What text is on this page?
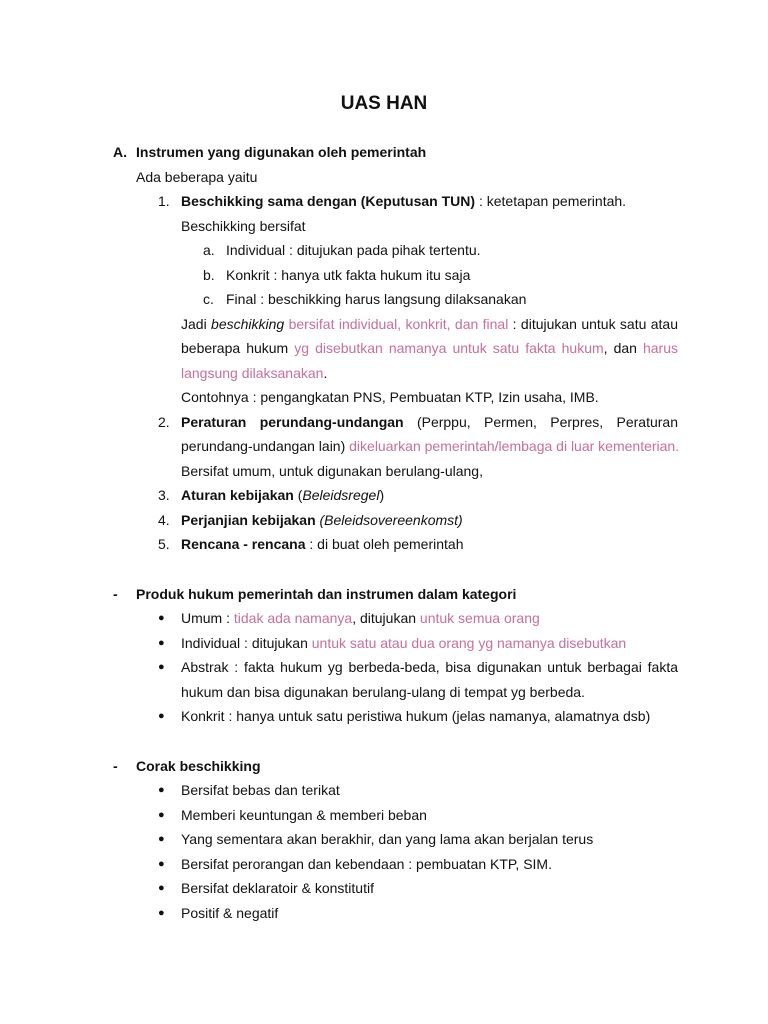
UAS HAN
A. Instrumen yang digunakan oleh pemerintah
Ada beberapa yaitu
1. Beschikking sama dengan (Keputusan TUN) : ketetapan pemerintah.
Beschikking bersifat
a. Individual : ditujukan pada pihak tertentu.
b. Konkrit : hanya utk fakta hukum itu saja
c. Final : beschikking harus langsung dilaksanakan
Jadi beschikking bersifat individual, konkrit, dan final : ditujukan untuk satu atau
beberapa hukum yg disebutkan namanya untuk satu fakta hukum, dan harus
langsung dilaksanakan.
Contohnya : pengangkatan PNS, Pembuatan KTP, Izin usaha, IMB.
2. Peraturan perundang-undangan (Perppu, Permen, Perpres, Peraturan
perundang-undangan lain) dikeluarkan pemerintah/lembaga di luar kementerian.
Bersifat umum, untuk digunakan berulang-ulang,
3. Aturan kebijakan (Beleidsregel)
4. Perjanjian kebijakan (Beleidsovereenkomst)
5. Rencana - rencana : di buat oleh pemerintah
- Produk hukum pemerintah dan instrumen dalam kategori
● Umum : tidak ada namanya, ditujukan untuk semua orang
● Individual : ditujukan untuk satu atau dua orang yg namanya disebutkan
● Abstrak : fakta hukum yg berbeda-beda, bisa digunakan untuk berbagai fakta
hukum dan bisa digunakan berulang-ulang di tempat yg berbeda.
● Konkrit : hanya untuk satu peristiwa hukum (jelas namanya, alamatnya dsb)
- Corak beschikking
● Bersifat bebas dan terikat
● Memberi keuntungan & memberi beban
● Yang sementara akan berakhir, dan yang lama akan berjalan terus
● Bersifat perorangan dan kebendaan : pembuatan KTP, SIM.
● Bersifat deklaratoir & konstitutif
● Positif & negatif
